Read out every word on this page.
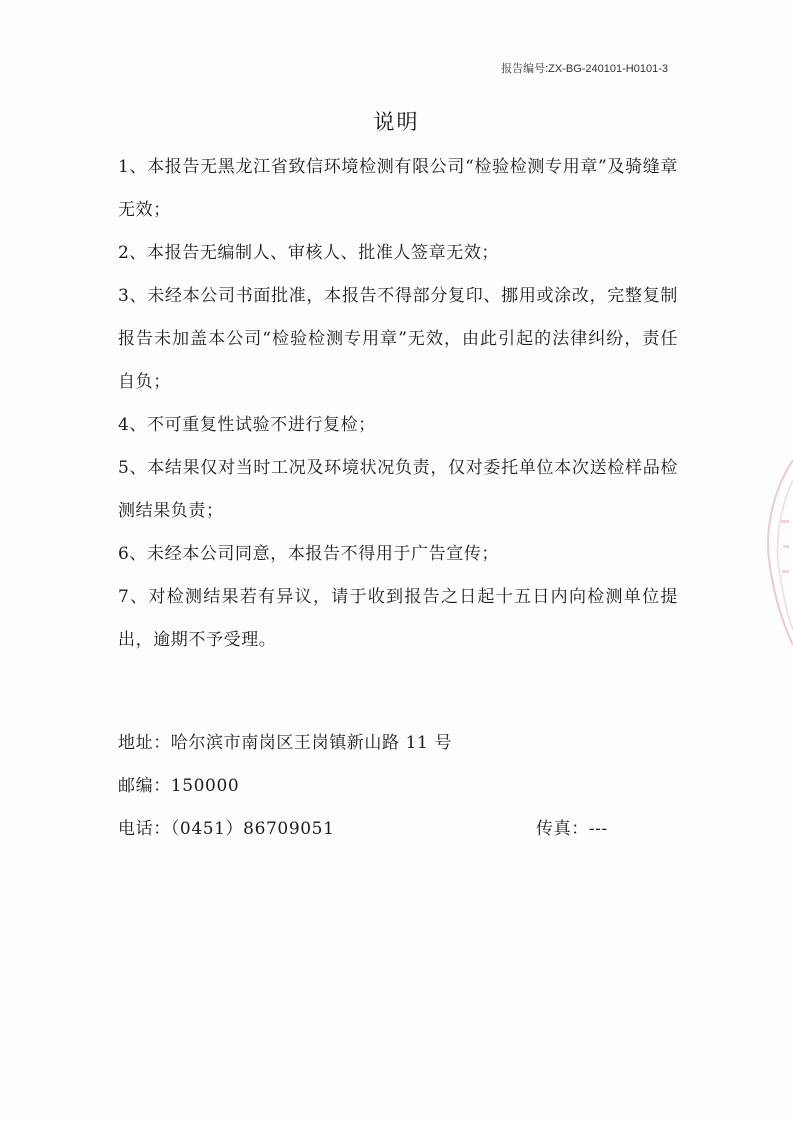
报告编号:ZX-BG-240101-H0101-3
说明
1、本报告无黑龙江省致信环境检测有限公司“检验检测专用章”及骑缝章无效；
2、本报告无编制人、审核人、批准人签章无效；
3、未经本公司书面批准，本报告不得部分复印、挪用或涂改，完整复制报告未加盖本公司“检验检测专用章”无效，由此引起的法律纠纷，责任自负；
4、不可重复性试验不进行复检；
5、本结果仅对当时工况及环境状况负责，仅对委托单位本次送检样品检测结果负责；
6、未经本公司同意，本报告不得用于广告宣传；
7、对检测结果若有异议，请于收到报告之日起十五日内向检测单位提出，逾期不予受理。
地址：哈尔滨市南岗区王岗镇新山路 11 号
邮编：150000
电话：（0451）86709051	传真：---
